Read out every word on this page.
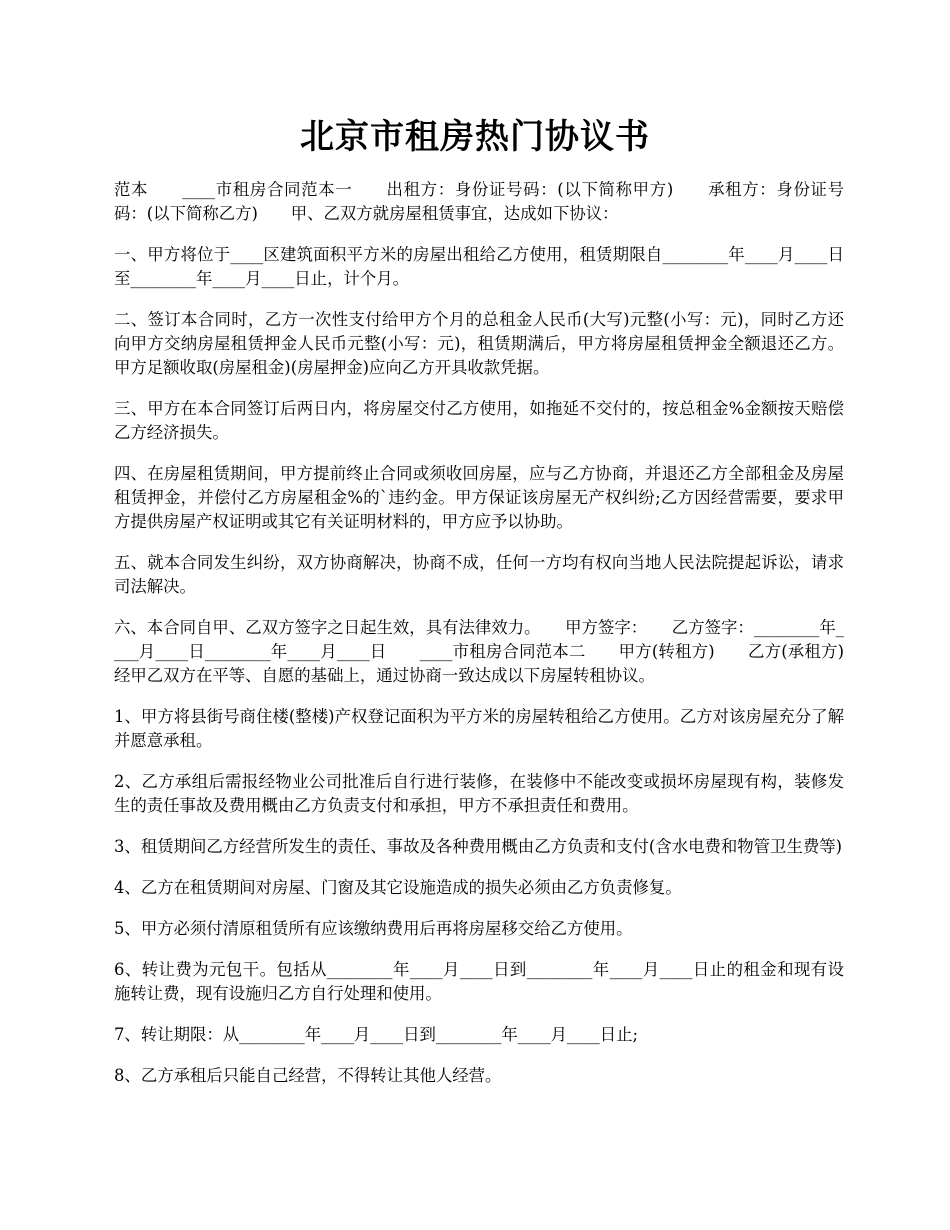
北京市租房热门协议书

范本　　____市租房合同范本一　　出租方：身份证号码：(以下简称甲方)　　承租方：身份证号码：(以下简称乙方)　　甲、乙双方就房屋租赁事宜，达成如下协议：

一、甲方将位于____区建筑面积平方米的房屋出租给乙方使用，租赁期限自________年____月____日至________年____月____日止，计个月。

二、签订本合同时，乙方一次性支付给甲方个月的总租金人民币(大写)元整(小写：元)，同时乙方还向甲方交纳房屋租赁押金人民币元整(小写：元)，租赁期满后，甲方将房屋租赁押金全额退还乙方。甲方足额收取(房屋租金)(房屋押金)应向乙方开具收款凭据。

三、甲方在本合同签订后两日内，将房屋交付乙方使用，如拖延不交付的，按总租金%金额按天赔偿乙方经济损失。

四、在房屋租赁期间，甲方提前终止合同或须收回房屋，应与乙方协商，并退还乙方全部租金及房屋租赁押金，并偿付乙方房屋租金%的`违约金。甲方保证该房屋无产权纠纷;乙方因经营需要，要求甲方提供房屋产权证明或其它有关证明材料的，甲方应予以协助。

五、就本合同发生纠纷，双方协商解决，协商不成，任何一方均有权向当地人民法院提起诉讼，请求司法解决。

六、本合同自甲、乙双方签字之日起生效，具有法律效力。　　甲方签字：　　乙方签字：________年____月____日________年____月____日　　____市租房合同范本二　　甲方(转租方)　　乙方(承租方)　　经甲乙双方在平等、自愿的基础上，通过协商一致达成以下房屋转租协议。

1、甲方将县街号商住楼(整楼)产权登记面积为平方米的房屋转租给乙方使用。乙方对该房屋充分了解并愿意承租。

2、乙方承组后需报经物业公司批准后自行进行装修，在装修中不能改变或损坏房屋现有构，装修发生的责任事故及费用概由乙方负责支付和承担，甲方不承担责任和费用。

3、租赁期间乙方经营所发生的责任、事故及各种费用概由乙方负责和支付(含水电费和物管卫生费等)

4、乙方在租赁期间对房屋、门窗及其它设施造成的损失必须由乙方负责修复。

5、甲方必须付清原租赁所有应该缴纳费用后再将房屋移交给乙方使用。

6、转让费为元包干。包括从________年____月____日到________年____月____日止的租金和现有设施转让费，现有设施归乙方自行处理和使用。

7、转让期限：从________年____月____日到________年____月____日止;

8、乙方承租后只能自己经营，不得转让其他人经营。
